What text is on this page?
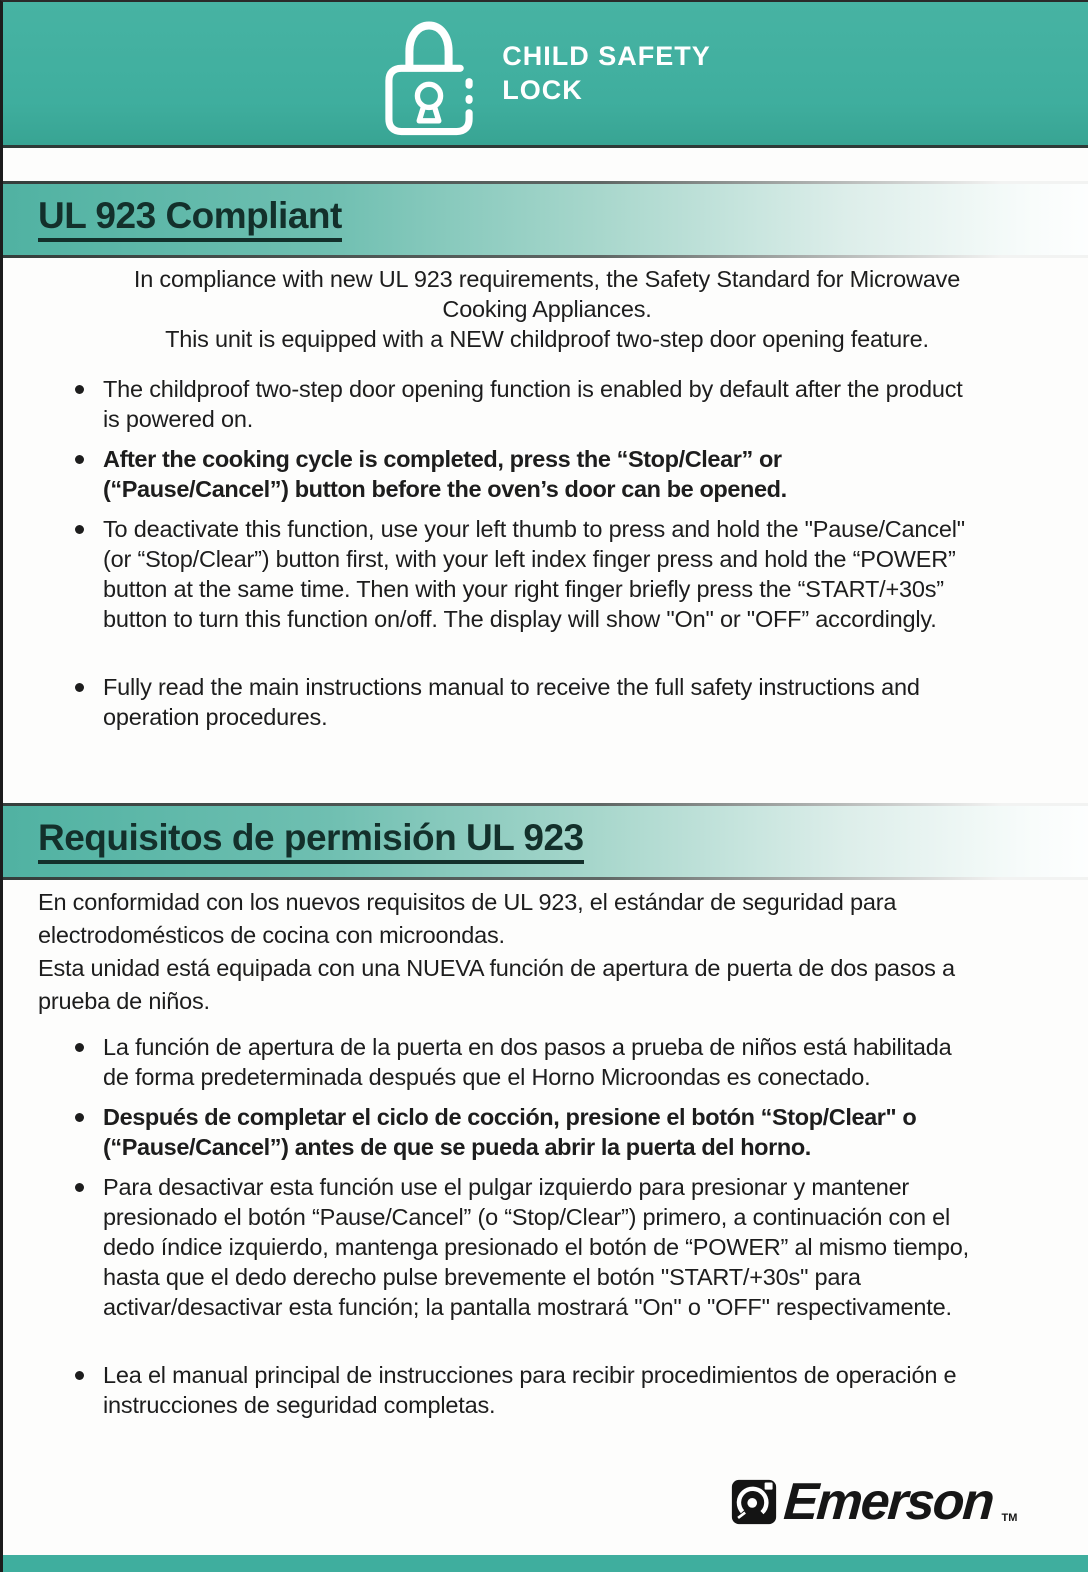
CHILD SAFETY
LOCK
UL 923 Compliant

In compliance with new UL 923 requirements, the Safety Standard for Microwave Cooking Appliances.

This unit is equipped with a NEW childproof two-step door opening feature.

The childproof two-step door opening function is enabled by default after the product is powered on.
After the cooking cycle is completed, press the “Stop/Clear” or (“Pause/Cancel”) button before the oven’s door can be opened.
To deactivate this function, use your left thumb to press and hold the "Pause/Cancel" (or “Stop/Clear”) button first, with your left index finger press and hold the “POWER” button at the same time. Then with your right finger briefly press the “START/+30s” button to turn this function on/off. The display will show "On" or "OFF” accordingly.
Fully read the main instructions manual to receive the full safety instructions and operation procedures.
Requisitos de permisión UL 923

En conformidad con los nuevos requisitos de UL 923, el estándar de seguridad para electrodomésticos de cocina con microondas.

Esta unidad está equipada con una NUEVA función de apertura de puerta de dos pasos a prueba de niños.

La función de apertura de la puerta en dos pasos a prueba de niños está habilitada de forma predeterminada después que el Horno Microondas es conectado.
Después de completar el ciclo de cocción, presione el botón “Stop/Clear" o (“Pause/Cancel”) antes de que se pueda abrir la puerta del horno.
Para desactivar esta función use el pulgar izquierdo para presionar y mantener presionado el botón “Pause/Cancel” (o “Stop/Clear”) primero, a continuación con el dedo índice izquierdo, mantenga presionado el botón de “POWER” al mismo tiempo, hasta que el dedo derecho pulse brevemente el botón "START/+30s" para activar/desactivar esta función; la pantalla mostrará "On" o "OFF" respectivamente.
Lea el manual principal de instrucciones para recibir procedimientos de operación e instrucciones de seguridad completas.
Emerson TM
